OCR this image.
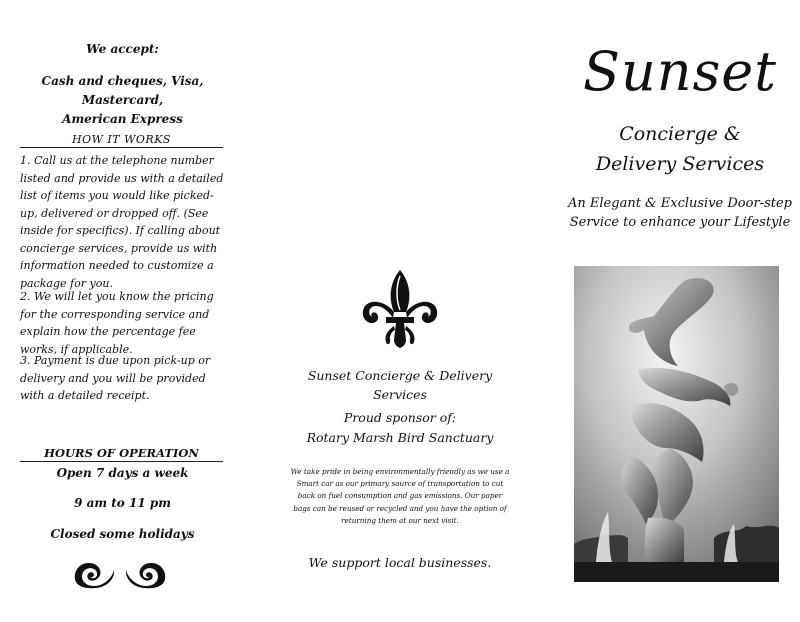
We accept:
Cash and cheques, Visa, Mastercard,
American Express
HOW IT WORKS
1. Call us at the telephone number listed and provide us with a detailed list of items you would like picked-up, delivered or dropped off. (See inside for specifics). If calling about concierge services, provide us with information needed to customize a package for you.
2. We will let you know the pricing for the corresponding service and explain how the percentage fee works, if applicable.
3. Payment is due upon pick-up or delivery and you will be provided with a detailed receipt.
HOURS OF OPERATION
Open 7 days a week
9 am to 11 pm
Closed some holidays
Sunset Concierge & Delivery
Services
Proud sponsor of:
Rotary Marsh Bird Sanctuary
We take pride in being environmentally friendly as we use a Smart car as our primary source of transportation to cut back on fuel consumption and gas emissions. Our paper bags can be reused or recycled and you have the option of returning them at our next visit.
We support local businesses.
Sunset
Concierge &
Delivery Services
An Elegant & Exclusive Door-step Service to enhance your Lifestyle
